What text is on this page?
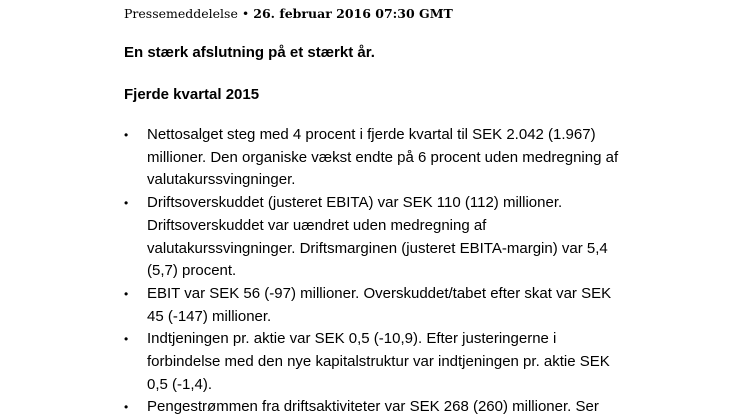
Pressemeddelelse • 26. februar 2016 07:30 GMT
En stærk afslutning på et stærkt år.
Fjerde kvartal 2015
• Nettosalget steg med 4 procent i fjerde kvartal til SEK 2.042 (1.967)
millioner. Den organiske vækst endte på 6 procent uden medregning af
valutakurssvingninger.
• Driftsoverskuddet (justeret EBITA) var SEK 110 (112) millioner.
Driftsoverskuddet var uændret uden medregning af
valutakurssvingninger. Driftsmarginen (justeret EBITA-margin) var 5,4
(5,7) procent.
• EBIT var SEK 56 (-97) millioner. Overskuddet/tabet efter skat var SEK
45 (-147) millioner.
• Indtjeningen pr. aktie var SEK 0,5 (-10,9). Efter justeringerne i
forbindelse med den nye kapitalstruktur var indtjeningen pr. aktie SEK
0,5 (-1,4).
• Pengestrømmen fra driftsaktiviteter var SEK 268 (260) millioner. Ser
